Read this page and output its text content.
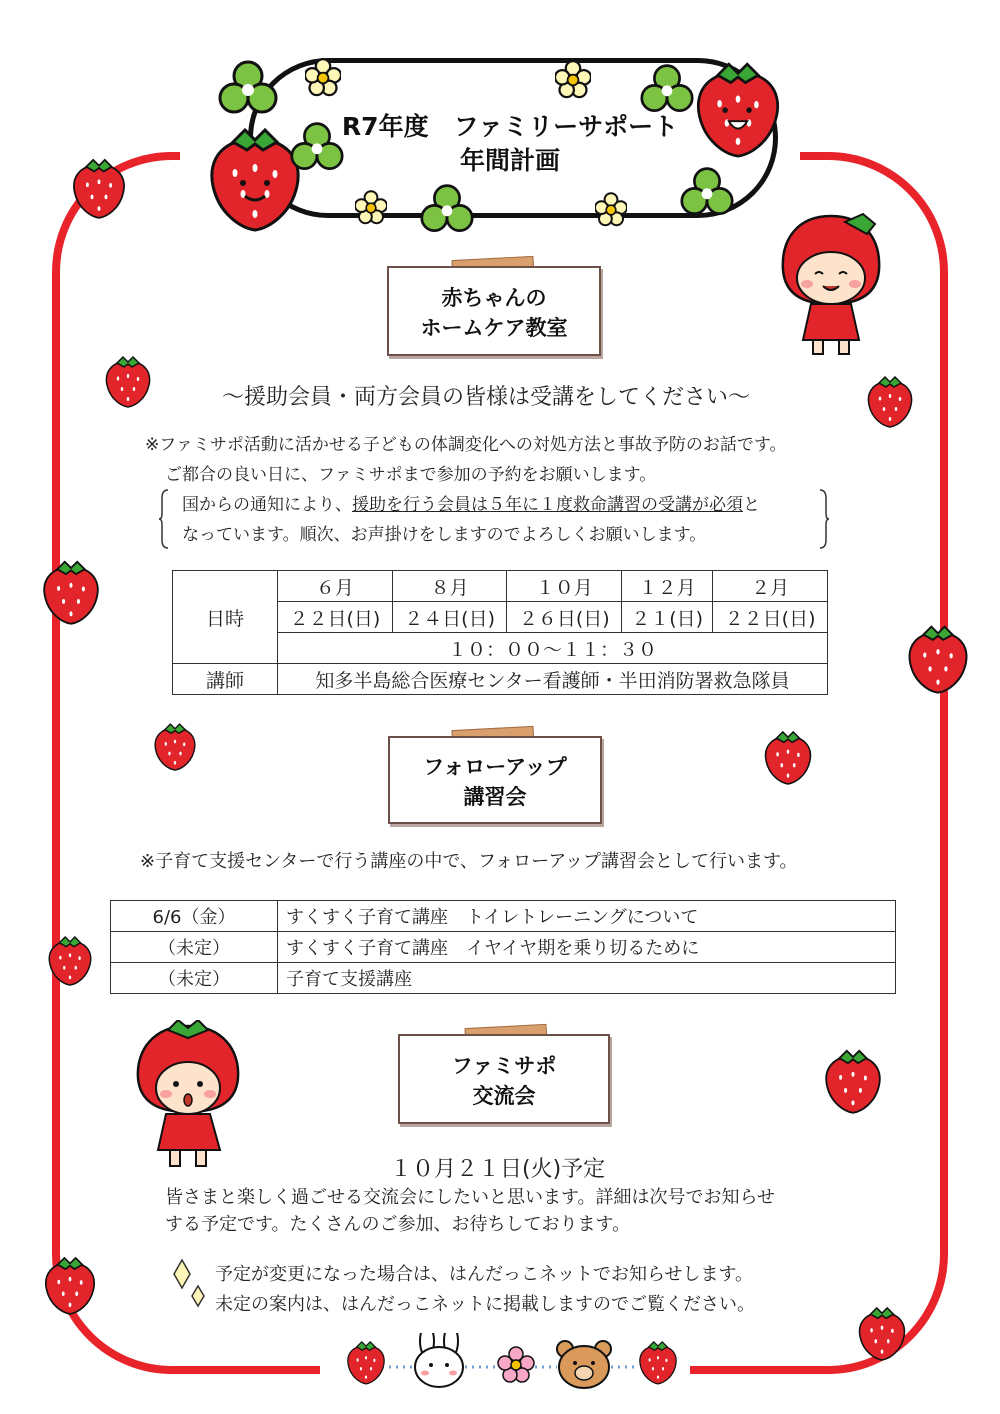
R7年度　ファミリーサポート
年間計画
赤ちゃんの
ホームケア教室
～援助会員・両方会員の皆様は受講をしてください～
※ファミサポ活動に活かせる子どもの体調変化への対処方法と事故予防のお話です。
ご都合の良い日に、ファミサポまで参加の予約をお願いします。
国からの通知により、援助を行う会員は５年に１度救命講習の受講が必須と
なっています。順次、お声掛けをしますのでよろしくお願いします。
日時	６月	８月	１０月	１２月	２月
	２２日(日)	２４日(日)	２６日(日)	２１(日)	２２日(日)
	１０：００～１１：３０				
講師	知多半島総合医療センター看護師・半田消防署救急隊員				
フォローアップ
講習会
※子育て支援センターで行う講座の中で、フォローアップ講習会として行います。
6/6（金）	すくすく子育て講座　トイレトレーニングについて
（未定）	すくすく子育て講座　イヤイヤ期を乗り切るために
（未定）	子育て支援講座
ファミサポ
交流会
１０月２１日(火)予定
皆さまと楽しく過ごせる交流会にしたいと思います。詳細は次号でお知らせ
する予定です。たくさんのご参加、お待ちしております。
予定が変更になった場合は、はんだっこネットでお知らせします。
未定の案内は、はんだっこネットに掲載しますのでご覧ください。
